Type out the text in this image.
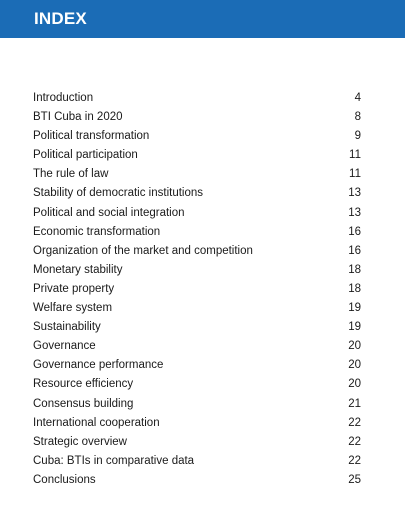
INDEX
Introduction	4
BTI Cuba in 2020	8
Political transformation	9
Political participation	11
The rule of law	11
Stability of democratic institutions	13
Political and social integration	13
Economic transformation	16
Organization of the market and competition	16
Monetary stability	18
Private property	18
Welfare system	19
Sustainability	19
Governance	20
Governance performance	20
Resource efficiency	20
Consensus building	21
International cooperation	22
Strategic overview	22
Cuba: BTIs in comparative data	22
Conclusions	25
